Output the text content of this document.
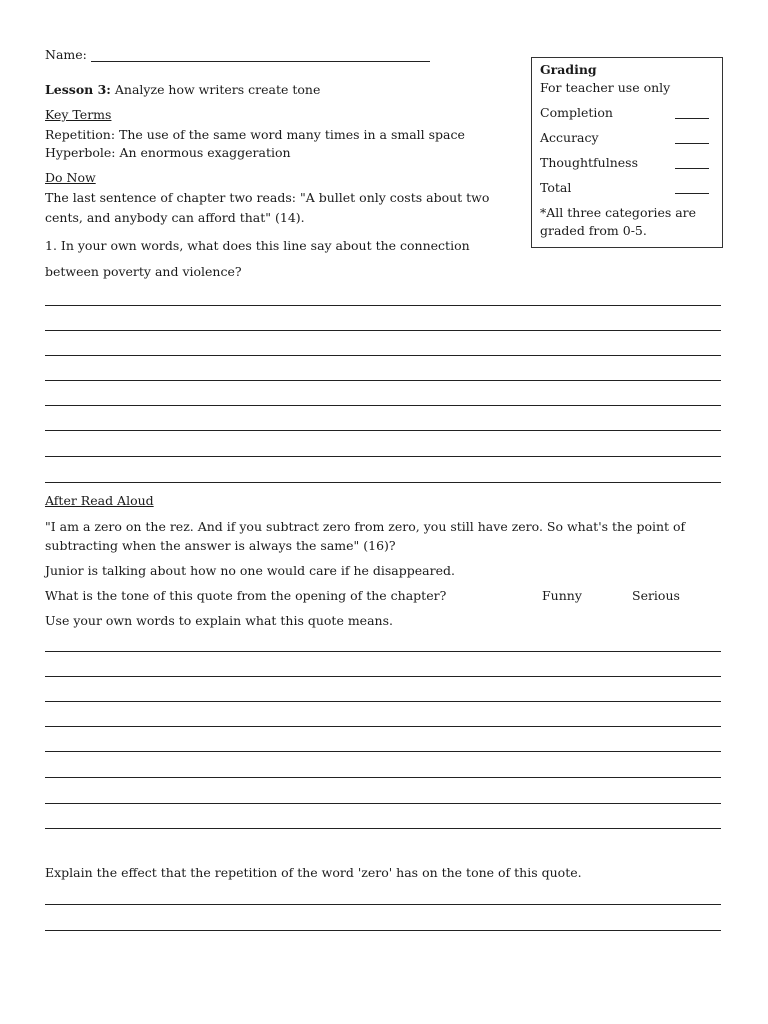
Name:
Lesson 3: Analyze how writers create tone
Key Terms
Repetition: The use of the same word many times in a small space
Hyperbole: An enormous exaggeration
Do Now
The last sentence of chapter two reads: "A bullet only costs about two
cents, and anybody can afford that" (14).
1. In your own words, what does this line say about the connection
between poverty and violence?
Grading
For teacher use only
Completion
Accuracy
Thoughtfulness
Total
*All three categories are
graded from 0-5.
After Read Aloud
"I am a zero on the rez. And if you subtract zero from zero, you still have zero. So what's the point of
subtracting when the answer is always the same" (16)?
Junior is talking about how no one would care if he disappeared.
What is the tone of this quote from the opening of the chapter?	Funny	Serious
Use your own words to explain what this quote means.
Explain the effect that the repetition of the word 'zero' has on the tone of this quote.
